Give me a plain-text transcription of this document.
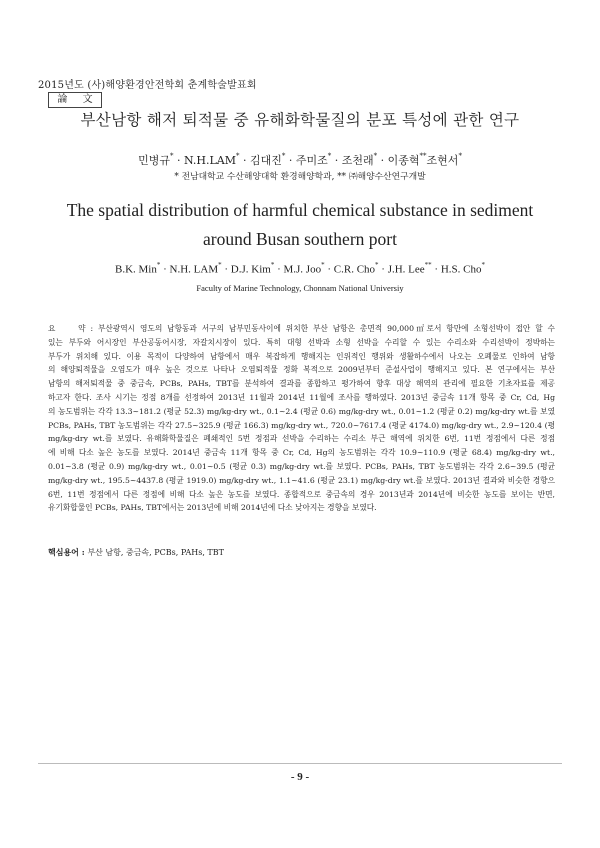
2015년도 (사)해양환경안전학회 춘계학술발표회
論 文
부산남항 해저 퇴적물 중 유해화학물질의 분포 특성에 관한 연구
민병규* · N.H.LAM* · 김대진* · 주미조* · 조천래* · 이종혁**조현서*
* 전남대학교 수산해양대학 환경해양학과, ** ㈜해양수산연구개발
The spatial distribution of harmful chemical substance in sediment
around Busan southern port
B.K. Min* · N.H. LAM* · D.J. Kim* · M.J. Joo* · C.R. Cho* · J.H. Lee** · H.S. Cho*
Faculty of Marine Technology, Chonnam National Universiy
요　　약 : 부산광역시 영도의 남항동과 서구의 남부민동사이에 위치한 부산 남항은 총면적 90,000㎡로서 항만에 소형선박이 접안 할 수
있는 부두와 어시장인 부산공동어시장, 자갈치시장이 있다. 특히 대형 선박과 소형 선박을 수리할 수 있는 수리소와 수리선박이 정박하는
부두가 위치해 있다. 이용 목적이 다양하여 남항에서 매우 복잡하게 행해지는 인위적인 행위와 생활하수에서 나오는 오폐물로 인하여 남항
의 해양퇴적물을 오염도가 매우 높은 것으로 나타나 오염퇴적물 정화 복적으로 2009년부터 준설사업이 행해지고 있다. 본 연구에서는 부산
남항의 해저퇴적물 중 중금속, PCBs, PAHs, TBT를 분석하여 결과를 종합하고 평가하여 향후 대상 해역의 관리에 필요한 기초자료를 제공
하고자 한다. 조사 시기는 정점 8개를 선정하여 2013년 11월과 2014년 11월에 조사를 행하였다. 2013년 중금속 11개 항목 중 Cr, Cd, Hg
의 농도범위는 각각 13.3~181.2 (평균 52.3) mg/kg-dry wt., 0.1~2.4 (평균 0.6) mg/kg-dry wt., 0.01~1.2 (평균 0.2) mg/kg-dry wt.를 보였
PCBs, PAHs, TBT 농도범위는 각각 27.5~325.9 (평균 166.3) mg/kg-dry wt., 720.0~7617.4 (평균 4174.0) mg/kg-dry wt., 2.9~120.4 (평
mg/kg-dry wt.를 보였다. 유해화학물질은 폐쇄적인 5번 정점과 선박을 수리하는 수리소 부근 해역에 위치한 6번, 11번 정점에서 다른 정점
에 비해 다소 높은 농도를 보였다. 2014년 중금속 11개 항목 중 Cr, Cd, Hg의 농도범위는 각각 10.9~110.9 (평균 68.4) mg/kg-dry wt.,
0.01~3.8 (평균 0.9) mg/kg-dry wt., 0.01~0.5 (평균 0.3) mg/kg-dry wt.를 보였다. PCBs, PAHs, TBT 농도범위는 각각 2.6~39.5 (평균
mg/kg-dry wt., 195.5~4437.8 (평균 1919.0) mg/kg-dry wt., 1.1~41.6 (평균 23.1) mg/kg-dry wt.를 보였다. 2013년 결과와 비슷한 경향으
6번, 11번 정점에서 다른 정점에 비해 다소 높은 농도를 보였다. 종합적으로 중금속의 경우 2013년과 2014년에 비슷한 농도를 보이는 반면,
유기화합물인 PCBs, PAHs, TBT에서는 2013년에 비해 2014년에 다소 낮아지는 경향을 보였다.
핵심용어 : 부산 남항, 중금속, PCBs, PAHs, TBT
- 9 -
